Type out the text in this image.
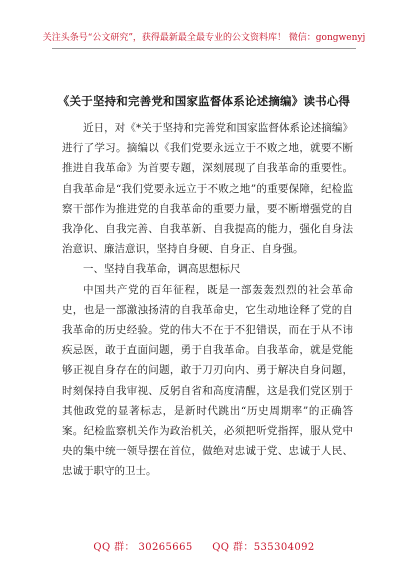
关注头条号“公文研究”，获得最新最全最专业的公文资料库！ 微信：gongwenyj
《关于坚持和完善党和国家监督体系论述摘编》读书心得

近日，对《*关于坚持和完善党和国家监督体系论述摘编》进行了学习。摘编以《我们党要永远立于不败之地，就要不断推进自我革命》为首要专题，深刻展现了自我革命的重要性。自我革命是“我们党要永远立于不败之地”的重要保障，纪检监察干部作为推进党的自我革命的重要力量，要不断增强党的自我净化、自我完善、自我革新、自我提高的能力，强化自身法治意识、廉洁意识，坚持自身硬、自身正、自身强。

一、坚持自我革命，调高思想标尺

中国共产党的百年征程，既是一部轰轰烈烈的社会革命史，也是一部激浊扬清的自我革命史，它生动地诠释了党的自我革命的历史经验。党的伟大不在于不犯错误，而在于从不讳疾忌医，敢于直面问题，勇于自我革命。自我革命，就是党能够正视自身存在的问题，敢于刀刃向内、勇于解决自身问题，时刻保持自我审视、反躬自省和高度清醒，这是我们党区别于其他政党的显著标志，是新时代跳出“历史周期率”的正确答案。纪检监察机关作为政治机关，必须把听党指挥，服从党中央的集中统一领导摆在首位，做绝对忠诚于党、忠诚于人民、忠诚于职守的卫士。

QQ 群： 30265665 QQ 群：535304092
